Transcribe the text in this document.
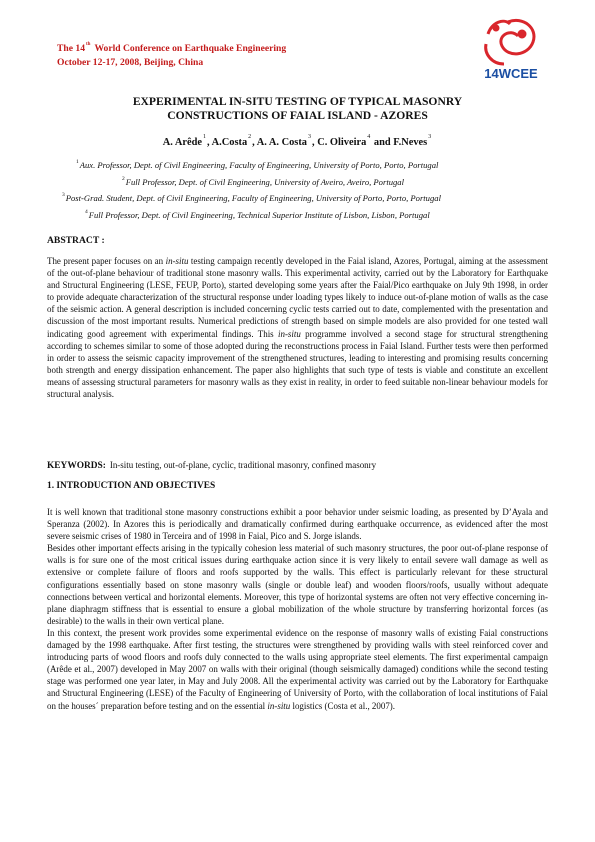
The 14th World Conference on Earthquake Engineering
October 12-17, 2008, Beijing, China
14WCEE
EXPERIMENTAL IN-SITU TESTING OF TYPICAL MASONRY
CONSTRUCTIONS OF FAIAL ISLAND - AZORES
A. Arêde$^1$, A.Costa$^2$, A. A. Costa$^3$, C. Oliveira$^4$ and F.Neves$^3$

$^1$Aux. Professor, Dept. of Civil Engineering, Faculty of Engineering, University of Porto, Porto, Portugal

$^2$Full Professor, Dept. of Civil Engineering, University of Aveiro, Aveiro, Portugal

$^3$Post-Grad. Student, Dept. of Civil Engineering, Faculty of Engineering, University of Porto, Porto, Portugal

$^4$Full Professor, Dept. of Civil Engineering, Technical Superior Institute of Lisbon, Lisbon, Portugal

ABSTRACT :
The present paper focuses on an in-situ testing campaign recently developed in the Faial island, Azores, Portugal, aiming at the assessment of the out-of-plane behaviour of traditional stone masonry walls. This experimental activity, carried out by the Laboratory for Earthquake and Structural Engineering (LESE, FEUP, Porto), started developing some years after the Faial/Pico earthquake on July 9th 1998, in order to provide adequate characterization of the structural response under loading types likely to induce out-of-plane motion of walls as the case of the seismic action. A general description is included concerning cyclic tests carried out to date, complemented with the presentation and discussion of the most important results. Numerical predictions of strength based on simple models are also provided for one tested wall indicating good agreement with experimental findings. This in-situ programme involved a second stage for structural strengthening according to schemes similar to some of those adopted during the reconstructions process in Faial Island. Further tests were then performed in order to assess the seismic capacity improvement of the strengthened structures, leading to interesting and promising results concerning both strength and energy dissipation enhancement. The paper also highlights that such type of tests is viable and constitute an excellent means of assessing structural parameters for masonry walls as they exist in reality, in order to feed suitable non-linear behaviour models for structural analysis.
KEYWORDS: In-situ testing, out-of-plane, cyclic, traditional masonry, confined masonry
1. INTRODUCTION AND OBJECTIVES

It is well known that traditional stone masonry constructions exhibit a poor behavior under seismic loading, as presented by D’Ayala and Speranza (2002). In Azores this is periodically and dramatically confirmed during earthquake occurrence, as evidenced after the most severe seismic crises of 1980 in Terceira and of 1998 in Faial, Pico and S. Jorge islands.

Besides other important effects arising in the typically cohesion less material of such masonry structures, the poor out-of-plane response of walls is for sure one of the most critical issues during earthquake action since it is very likely to entail severe wall damage as well as extensive or complete failure of floors and roofs supported by the walls. This effect is particularly relevant for these structural configurations essentially based on stone masonry walls (single or double leaf) and wooden floors/roofs, usually without adequate connections between vertical and horizontal elements. Moreover, this type of horizontal systems are often not very effective concerning in-plane diaphragm stiffness that is essential to ensure a global mobilization of the whole structure by transferring horizontal forces (as desirable) to the walls in their own vertical plane.

In this context, the present work provides some experimental evidence on the response of masonry walls of existing Faial constructions damaged by the 1998 earthquake. After first testing, the structures were strengthened by providing walls with steel reinforced cover and introducing parts of wood floors and roofs duly connected to the walls using appropriate steel elements. The first experimental campaign (Arêde et al., 2007) developed in May 2007 on walls with their original (though seismically damaged) conditions while the second testing stage was performed one year later, in May and July 2008. All the experimental activity was carried out by the Laboratory for Earthquake and Structural Engineering (LESE) of the Faculty of Engineering of University of Porto, with the collaboration of local institutions of Faial on the houses´ preparation before testing and on the essential in-situ logistics (Costa et al., 2007).
